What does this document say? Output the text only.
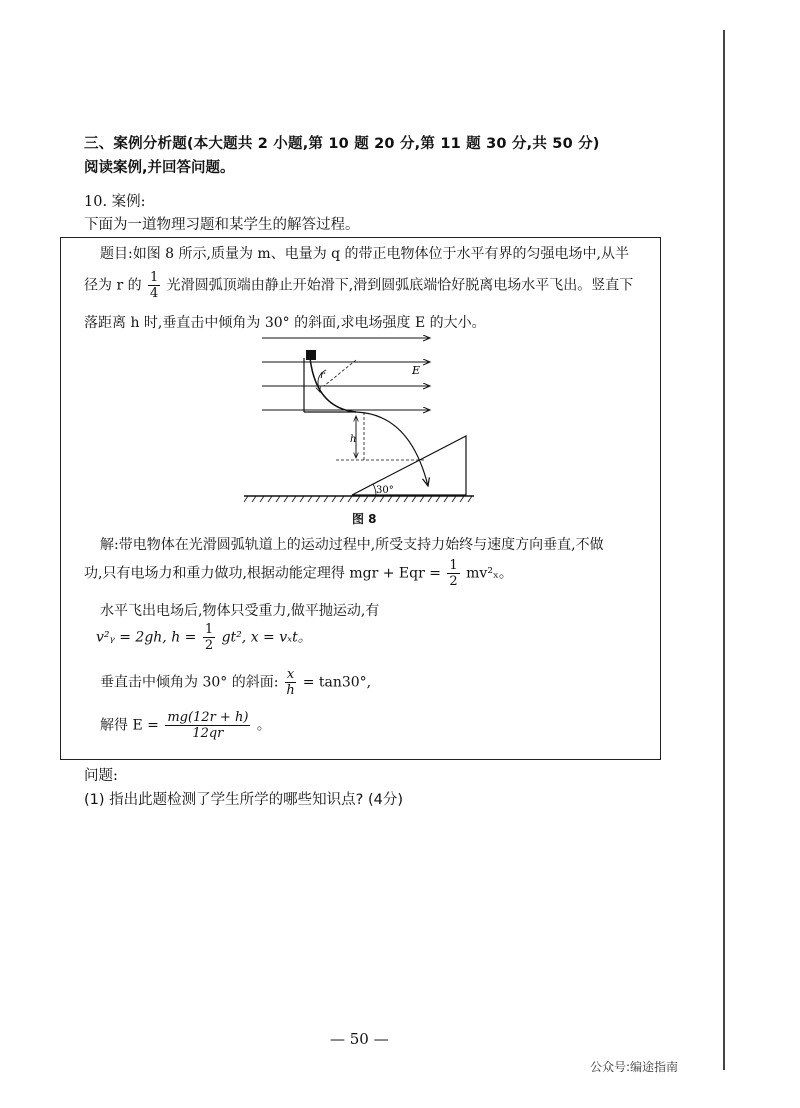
三、案例分析题(本大题共 2 小题,第 10 题 20 分,第 11 题 30 分,共 50 分)
阅读案例,并回答问题。
10. 案例:
下面为一道物理习题和某学生的解答过程。
题目:如图 8 所示,质量为 m、电量为 q 的带正电物体位于水平有界的匀强电场中,从半
径为 r 的 $\frac{1}{4}$ 光滑圆弧顶端由静止开始滑下,滑到圆弧底端恰好脱离电场水平飞出。竖直下
落距离 h 时,垂直击中倾角为 30° 的斜面,求电场强度 E 的大小。
r	E
h
30°
图 8
解:带电物体在光滑圆弧轨道上的运动过程中,所受支持力始终与速度方向垂直,不做
功,只有电场力和重力做功,根据动能定理得 mgr + Eqr = $\frac{1}{2} mv^2_x$。
水平飞出电场后,物体只受重力,做平抛运动,有
v²ᵧ = 2gh, $h = \frac{1}{2} gt^2$, x = vₓt。
垂直击中倾角为 30° 的斜面: $\frac{x}{h} = \tan 30^\circ$,
解得 $E = \frac{mg(12r + h)}{12qr}$ 。
问题:
(1) 指出此题检测了学生所学的哪些知识点? (4分)
— 50 —
公众号:编途指南
